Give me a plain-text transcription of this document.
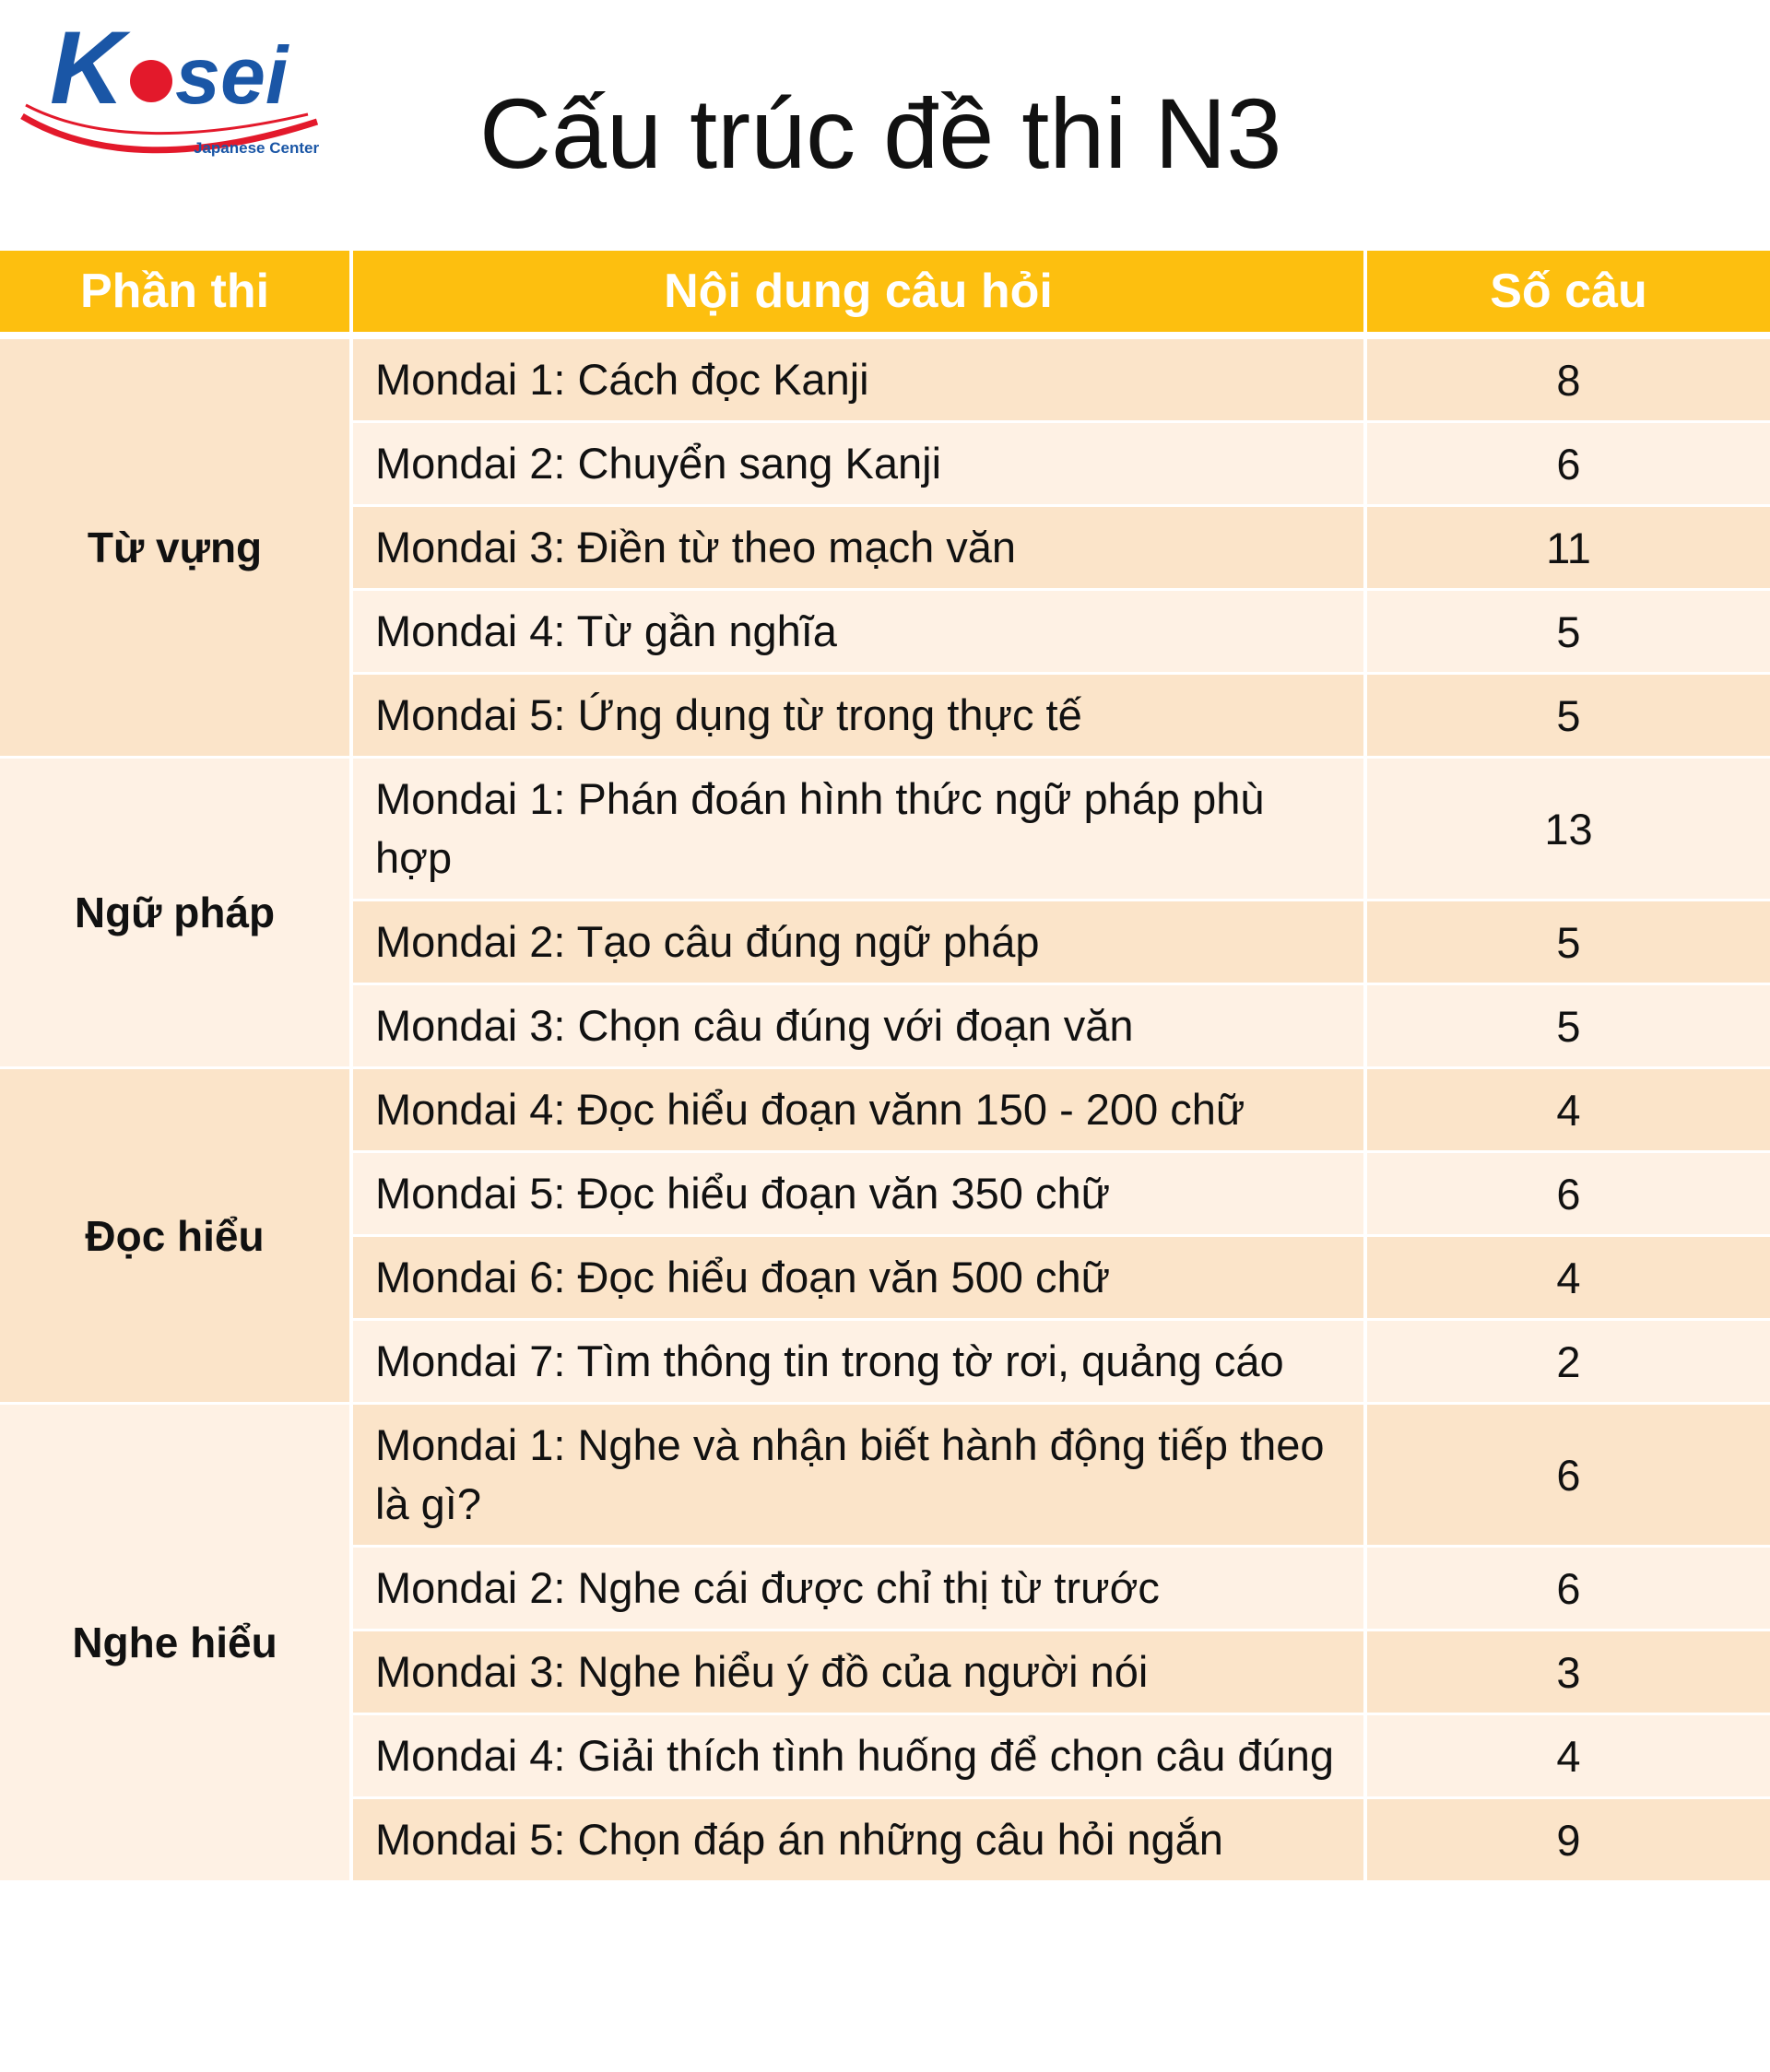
K sei
Japanese Center Cấu trúc đề thi N3
Phần thi	Nội dung câu hỏi	Số câu
Từ vựng	Mondai 1: Cách đọc Kanji	8
	Mondai 2: Chuyển sang Kanji	6
	Mondai 3: Điền từ theo mạch văn	11
	Mondai 4: Từ gần nghĩa	5
	Mondai 5: Ứng dụng từ trong thực tế	5
Ngữ pháp	Mondai 1: Phán đoán hình thức ngữ pháp phù hợp	13
	Mondai 2: Tạo câu đúng ngữ pháp	5
	Mondai 3: Chọn câu đúng với đoạn văn	5
Đọc hiểu	Mondai 4: Đọc hiểu đoạn vănn 150 - 200 chữ	4
	Mondai 5: Đọc hiểu đoạn văn 350 chữ	6
	Mondai 6: Đọc hiểu đoạn văn 500 chữ	4
	Mondai 7: Tìm thông tin trong tờ rơi, quảng cáo	2
Nghe hiểu	Mondai 1: Nghe và nhận biết hành động tiếp theo là gì?	6
	Mondai 2: Nghe cái được chỉ thị từ trước	6
	Mondai 3: Nghe hiểu ý đồ của người nói	3
	Mondai 4: Giải thích tình huống để chọn câu đúng	4
	Mondai 5: Chọn đáp án những câu hỏi ngắn	9
